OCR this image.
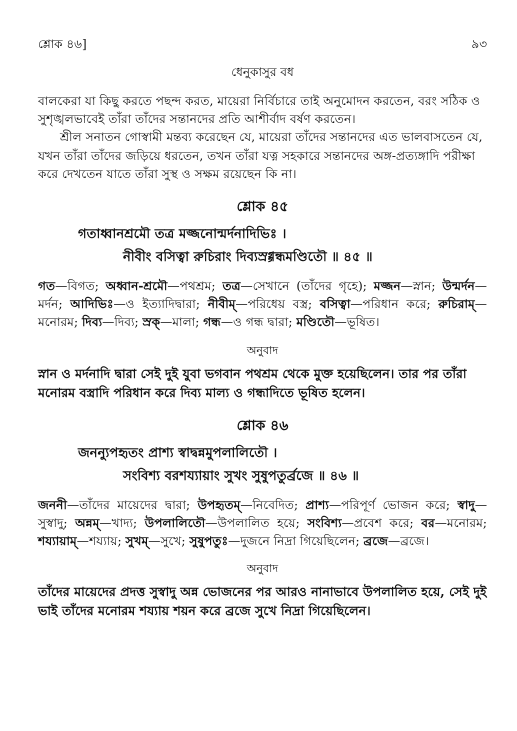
শ্লোক ৪৬]	৯৩
ধেনুকাসুর বধ

বালকেরা যা কিছু করতে পছন্দ করত, মায়েরা নির্বিচারে তাই অনুমোদন করতেন, বরং সঠিক ও সুশৃঙ্খলভাবেই তাঁরা তাঁদের সন্তানদের প্রতি আশীর্বাদ বর্ষণ করতেন।

শ্রীল সনাতন গোস্বামী মন্তব্য করেছেন যে, মায়েরা তাঁদের সন্তানদের এত ভালবাসতেন যে, যখন তাঁরা তাঁদের জড়িয়ে ধরতেন, তখন তাঁরা যত্ন সহকারে সন্তানদের অঙ্গ-প্রত্যঙ্গাদি পরীক্ষা করে দেখতেন যাতে তাঁরা সুস্থ ও সক্ষম রয়েছেন কি না।

শ্লোক ৪৫
গতাধ্বানশ্রমৌ তত্র মজ্জনোন্মর্দনাদিভিঃ ।
নীবীং বসিত্বা রুচিরাং দিব্যস্রগ্গন্ধমণ্ডিতৌ ॥ ৪৫ ॥

গত—বিগত; অধ্বান-শ্রমৌ—পথশ্রম; তত্র—সেখানে (তাঁদের গৃহে); মজ্জন—স্নান; উন্মর্দন—মর্দন; আদিভিঃ—ও ইত্যাদিদ্বারা; নীবীম্—পরিধেয় বস্ত্র; বসিত্বা—পরিধান করে; রুচিরাম্—মনোরম; দিব্য—দিব্য; স্রক্—মালা; গন্ধ—ও গন্ধ দ্বারা; মণ্ডিতৌ—ভূষিত।

অনুবাদ

স্নান ও মর্দনাদি দ্বারা সেই দুই যুবা ভগবান পথশ্রম থেকে মুক্ত হয়েছিলেন। তার পর তাঁরা মনোরম বস্ত্রাদি পরিধান করে দিব্য মাল্য ও গন্ধাদিতে ভূষিত হলেন।

শ্লোক ৪৬
জনন্যুপহৃতং প্রাশ্য স্বাদ্বন্নমুপলালিতৌ ।
সংবিশ্য বরশয্যায়াং সুখং সুষুপতুর্ব্রজে ॥ ৪৬ ॥

জননী—তাঁদের মায়েদের দ্বারা; উপহৃতম্—নিবেদিত; প্রাশ্য—পরিপূর্ণ ভোজন করে; স্বাদু—সুস্বাদু; অন্নম্—খাদ্য; উপলালিতৌ—উপলালিত হয়ে; সংবিশ্য—প্রবেশ করে; বর—মনোরম; শয্যায়াম্—শয্যায়; সুখম্—সুখে; সুষুপতুঃ—দুজনে নিদ্রা গিয়েছিলেন; ব্রজে—ব্রজে।

অনুবাদ

তাঁদের মায়েদের প্রদত্ত সুস্বাদু অন্ন ভোজনের পর আরও নানাভাবে উপলালিত হয়ে, সেই দুই ভাই তাঁদের মনোরম শয্যায় শয়ন করে ব্রজে সুখে নিদ্রা গিয়েছিলেন।
